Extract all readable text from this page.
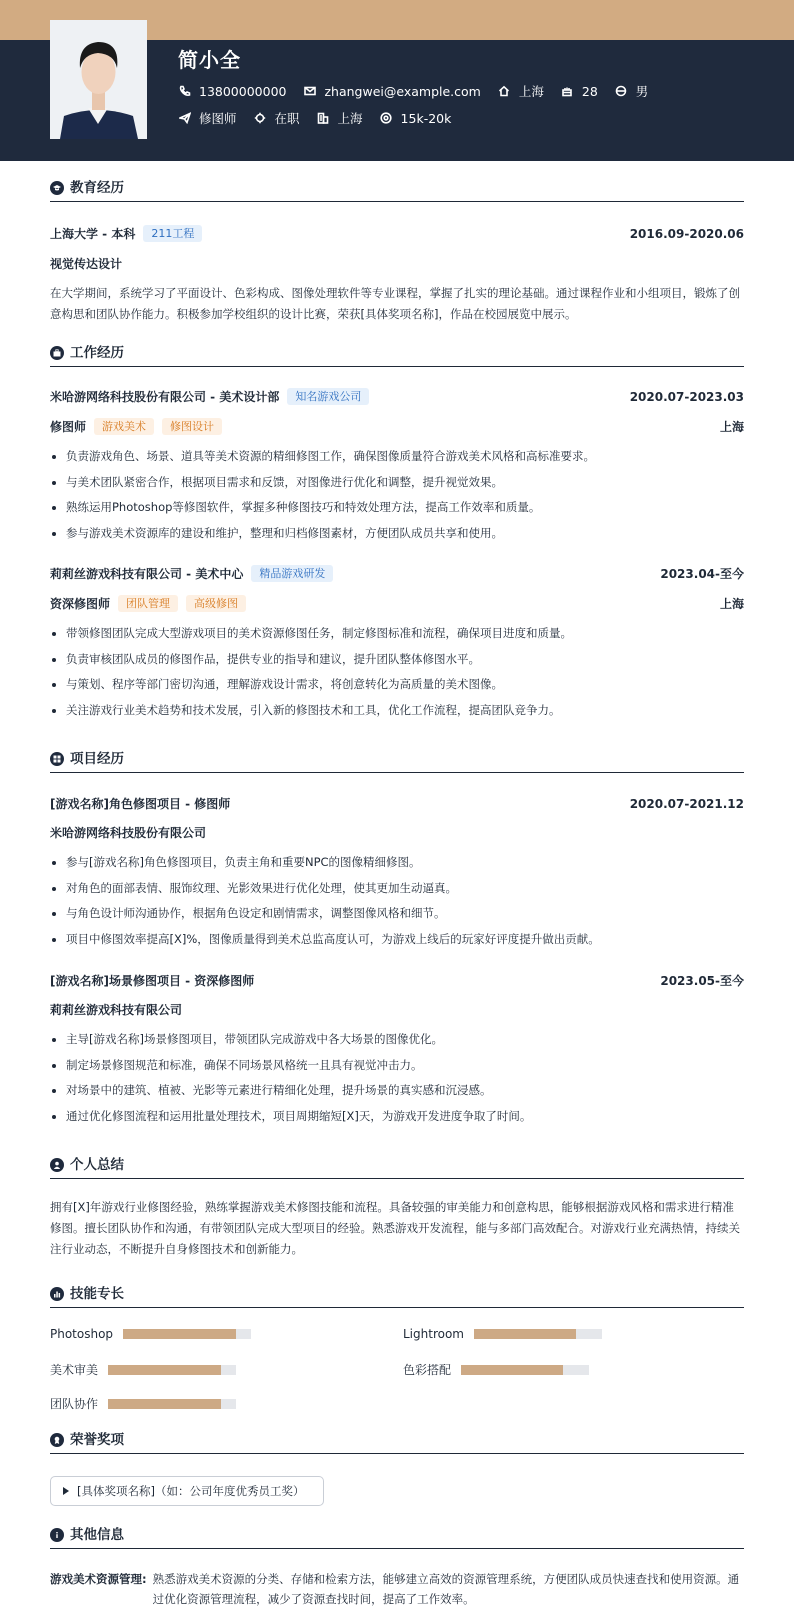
简小全
13800000000	zhangwei@example.com	上海	28	男
修图师	在职	上海	15k-20k
教育经历
上海大学 - 本科	211工程	2016.09-2020.06
视觉传达设计
在大学期间，系统学习了平面设计、色彩构成、图像处理软件等专业课程，掌握了扎实的理论基础。通过课程作业和小组项目，锻炼了创意构思和团队协作能力。积极参加学校组织的设计比赛，荣获[具体奖项名称]，作品在校园展览中展示。
工作经历
米哈游网络科技股份有限公司 - 美术设计部	知名游戏公司	2020.07-2023.03
修图师	游戏美术	修图设计	上海
负责游戏角色、场景、道具等美术资源的精细修图工作，确保图像质量符合游戏美术风格和高标准要求。
与美术团队紧密合作，根据项目需求和反馈，对图像进行优化和调整，提升视觉效果。
熟练运用Photoshop等修图软件，掌握多种修图技巧和特效处理方法，提高工作效率和质量。
参与游戏美术资源库的建设和维护，整理和归档修图素材，方便团队成员共享和使用。
莉莉丝游戏科技有限公司 - 美术中心	精品游戏研发	2023.04-至今
资深修图师	团队管理	高级修图	上海
带领修图团队完成大型游戏项目的美术资源修图任务，制定修图标准和流程，确保项目进度和质量。
负责审核团队成员的修图作品，提供专业的指导和建议，提升团队整体修图水平。
与策划、程序等部门密切沟通，理解游戏设计需求，将创意转化为高质量的美术图像。
关注游戏行业美术趋势和技术发展，引入新的修图技术和工具，优化工作流程，提高团队竞争力。
项目经历
[游戏名称]角色修图项目 - 修图师	2020.07-2021.12
米哈游网络科技股份有限公司
参与[游戏名称]角色修图项目，负责主角和重要NPC的图像精细修图。
对角色的面部表情、服饰纹理、光影效果进行优化处理，使其更加生动逼真。
与角色设计师沟通协作，根据角色设定和剧情需求，调整图像风格和细节。
项目中修图效率提高[X]%，图像质量得到美术总监高度认可，为游戏上线后的玩家好评度提升做出贡献。
[游戏名称]场景修图项目 - 资深修图师	2023.05-至今
莉莉丝游戏科技有限公司
主导[游戏名称]场景修图项目，带领团队完成游戏中各大场景的图像优化。
制定场景修图规范和标准，确保不同场景风格统一且具有视觉冲击力。
对场景中的建筑、植被、光影等元素进行精细化处理，提升场景的真实感和沉浸感。
通过优化修图流程和运用批量处理技术，项目周期缩短[X]天，为游戏开发进度争取了时间。
个人总结
拥有[X]年游戏行业修图经验，熟练掌握游戏美术修图技能和流程。具备较强的审美能力和创意构思，能够根据游戏风格和需求进行精准修图。擅长团队协作和沟通，有带领团队完成大型项目的经验。熟悉游戏开发流程，能与多部门高效配合。对游戏行业充满热情，持续关注行业动态，不断提升自身修图技术和创新能力。
技能专长
Photoshop	Lightroom
美术审美	色彩搭配
团队协作
荣誉奖项
[具体奖项名称]（如：公司年度优秀员工奖）
其他信息
游戏美术资源管理: 熟悉游戏美术资源的分类、存储和检索方法，能够建立高效的资源管理系统，方便团队成员快速查找和使用资源。通过优化资源管理流程，减少了资源查找时间，提高了工作效率。
